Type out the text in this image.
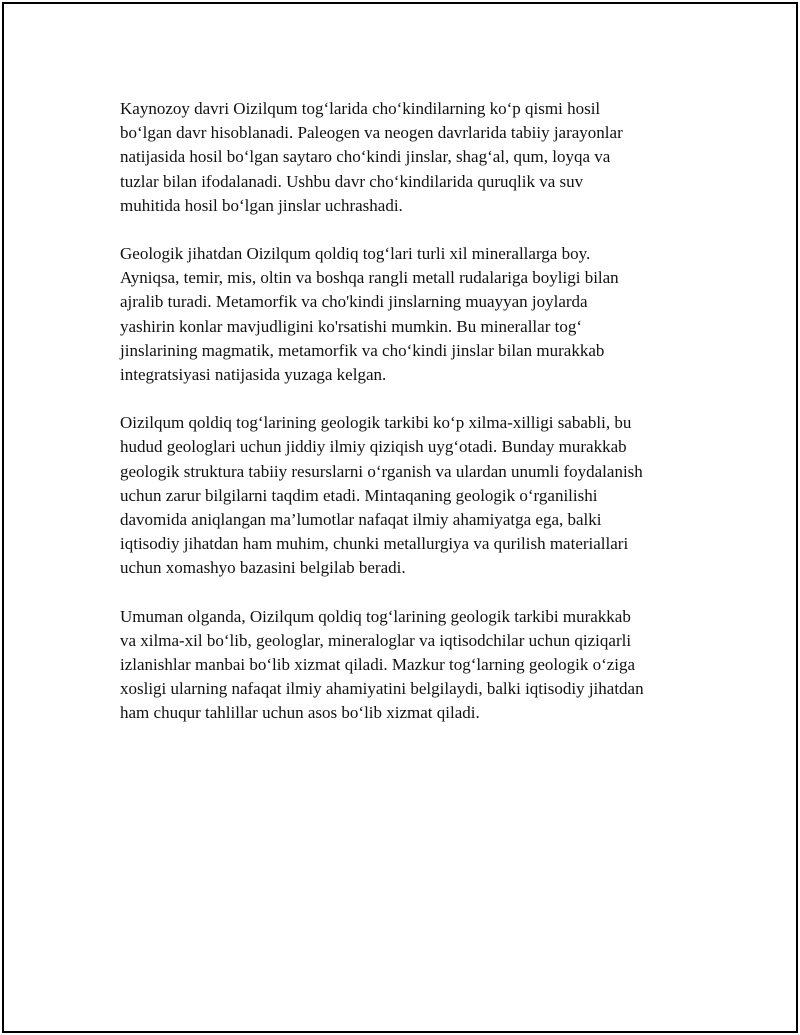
Kaynozoy davri Oizilqum tog‘larida cho‘kindilarning ko‘p qismi hosil
bo‘lgan davr hisoblanadi. Paleogen va neogen davrlarida tabiiy jarayonlar
natijasida hosil bo‘lgan saytaro cho‘kindi jinslar, shag‘al, qum, loyqa va
tuzlar bilan ifodalanadi. Ushbu davr cho‘kindilarida quruqlik va suv
muhitida hosil bo‘lgan jinslar uchrashadi.

Geologik jihatdan Oizilqum qoldiq tog‘lari turli xil minerallarga boy.
Ayniqsa, temir, mis, oltin va boshqa rangli metall rudalariga boyligi bilan
ajralib turadi. Metamorfik va cho'kindi jinslarning muayyan joylarda
yashirin konlar mavjudligini ko'rsatishi mumkin. Bu minerallar tog‘
jinslarining magmatik, metamorfik va cho‘kindi jinslar bilan murakkab
integratsiyasi natijasida yuzaga kelgan.

Oizilqum qoldiq tog‘larining geologik tarkibi ko‘p xilma-xilligi sababli, bu
hudud geologlari uchun jiddiy ilmiy qiziqish uyg‘otadi. Bunday murakkab
geologik struktura tabiiy resurslarni o‘rganish va ulardan unumli foydalanish
uchun zarur bilgilarni taqdim etadi. Mintaqaning geologik o‘rganilishi
davomida aniqlangan ma’lumotlar nafaqat ilmiy ahamiyatga ega, balki
iqtisodiy jihatdan ham muhim, chunki metallurgiya va qurilish materiallari
uchun xomashyo bazasini belgilab beradi.

Umuman olganda, Oizilqum qoldiq tog‘larining geologik tarkibi murakkab
va xilma-xil bo‘lib, geologlar, mineraloglar va iqtisodchilar uchun qiziqarli
izlanishlar manbai bo‘lib xizmat qiladi. Mazkur tog‘larning geologik o‘ziga
xosligi ularning nafaqat ilmiy ahamiyatini belgilaydi, balki iqtisodiy jihatdan
ham chuqur tahlillar uchun asos bo‘lib xizmat qiladi.
